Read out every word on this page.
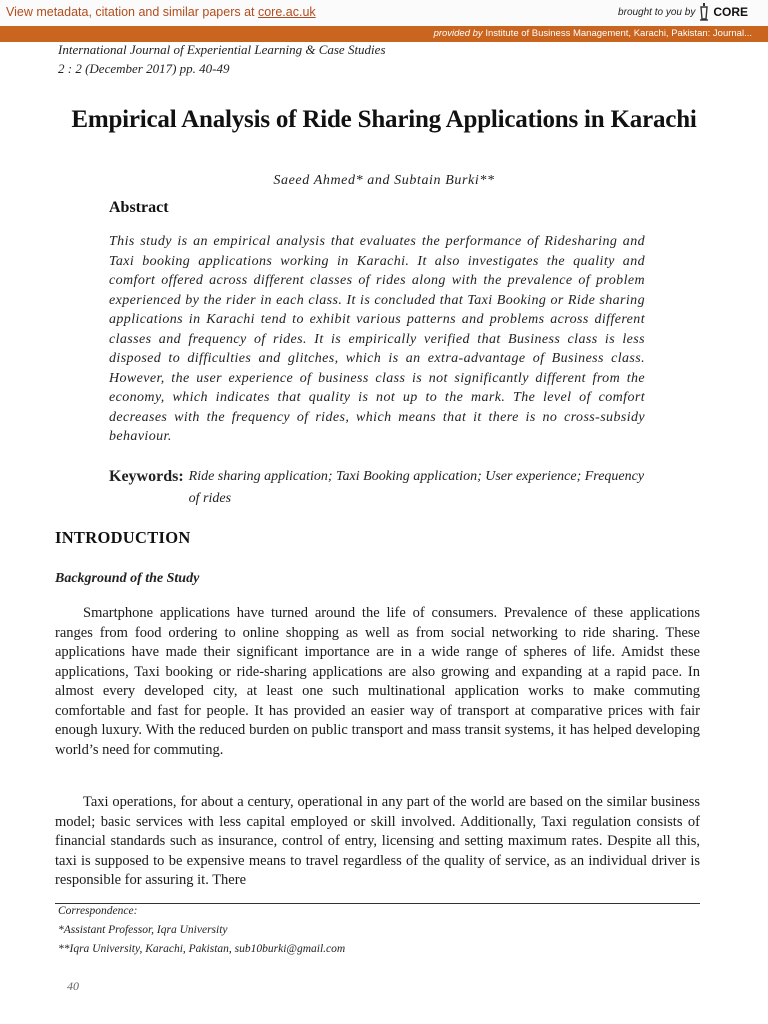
View metadata, citation and similar papers at core.ac.uk	brought to you by CORE
provided by Institute of Business Management, Karachi, Pakistan: Journal...
International Journal of Experiential Learning & Case Studies
2 : 2 (December 2017) pp. 40-49
Empirical Analysis of Ride Sharing Applications in Karachi
Saeed Ahmed* and Subtain Burki**
Abstract
This study is an empirical analysis that evaluates the performance of Ridesharing and Taxi booking applications working in Karachi. It also investigates the quality and comfort offered across different classes of rides along with the prevalence of problem experienced by the rider in each class. It is concluded that Taxi Booking or Ride sharing applications in Karachi tend to exhibit various patterns and problems across different classes and frequency of rides. It is empirically verified that Business class is less disposed to difficulties and glitches, which is an extra-advantage of Business class. However, the user experience of business class is not significantly different from the economy, which indicates that quality is not up to the mark. The level of comfort decreases with the frequency of rides, which means that it there is no cross-subsidy behaviour.
Keywords: Ride sharing application; Taxi Booking application; User experience; Frequency of rides
INTRODUCTION
Background of the Study

Smartphone applications have turned around the life of consumers. Prevalence of these applications ranges from food ordering to online shopping as well as from social networking to ride sharing. These applications have made their significant importance are in a wide range of spheres of life. Amidst these applications, Taxi booking or ride-sharing applications are also growing and expanding at a rapid pace. In almost every developed city, at least one such multinational application works to make commuting comfortable and fast for people. It has provided an easier way of transport at comparative prices with fair enough luxury. With the reduced burden on public transport and mass transit systems, it has helped developing world’s need for commuting.

Taxi operations, for about a century, operational in any part of the world are based on the similar business model; basic services with less capital employed or skill involved. Additionally, Taxi regulation consists of financial standards such as insurance, control of entry, licensing and setting maximum rates. Despite all this, taxi is supposed to be expensive means to travel regardless of the quality of service, as an individual driver is responsible for assuring it. There

Correspondence:
*Assistant Professor, Iqra University
**Iqra University, Karachi, Pakistan, sub10burki@gmail.com
40
